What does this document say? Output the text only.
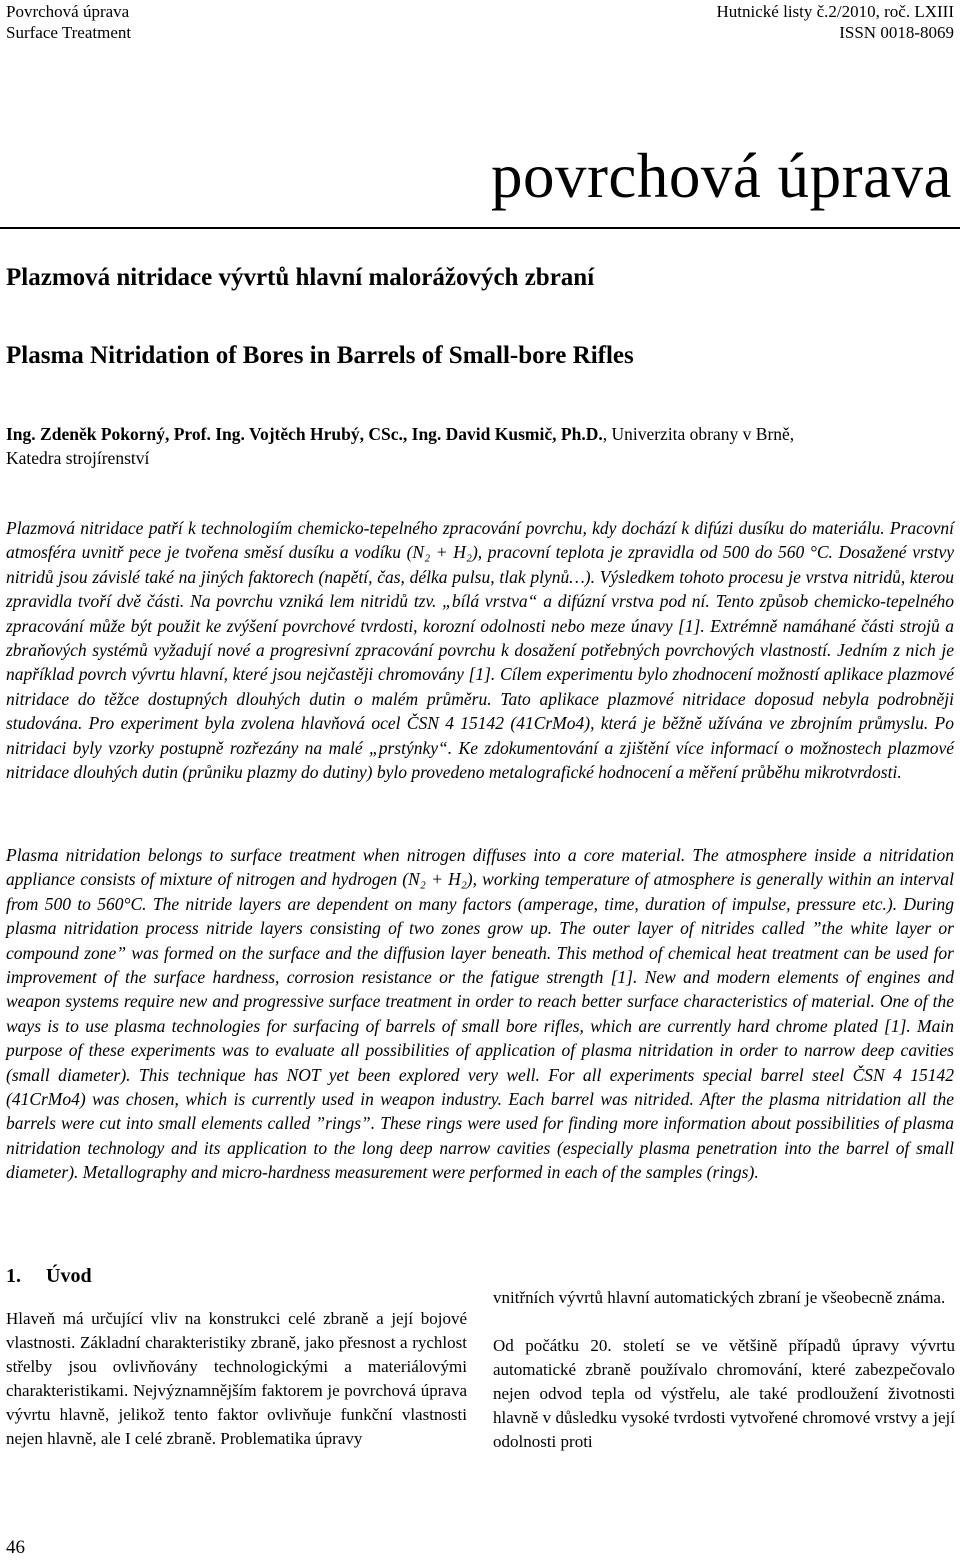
Povrchová úprava
Surface Treatment
Hutnické listy č.2/2010, roč. LXIII
ISSN 0018-8069
povrchová úprava
Plazmová nitridace vývrtů hlavní malorážových zbraní
Plasma Nitridation of Bores in Barrels of Small-bore Rifles
Ing. Zdeněk Pokorný, Prof. Ing. Vojtěch Hrubý, CSc., Ing. David Kusmič, Ph.D., Univerzita obrany v Brně,
Katedra strojírenství

Plazmová nitridace patří k technologiím chemicko-tepelného zpracování povrchu, kdy dochází k difúzi dusíku do materiálu. Pracovní atmosféra uvnitř pece je tvořena směsí dusíku a vodíku (N₂ + H₂), pracovní teplota je zpravidla od 500 do 560 °C. Dosažené vrstvy nitridů jsou závislé také na jiných faktorech (napětí, čas, délka pulsu, tlak plynů…). Výsledkem tohoto procesu je vrstva nitridů, kterou zpravidla tvoří dvě části. Na povrchu vzniká lem nitridů tzv. „bílá vrstva“ a difúzní vrstva pod ní. Tento způsob chemicko-tepelného zpracování může být použit ke zvýšení povrchové tvrdosti, korozní odolnosti nebo meze únavy [1]. Extrémně namáhané části strojů a zbraňových systémů vyžadují nové a progresivní zpracování povrchu k dosažení potřebných povrchových vlastností. Jedním z nich je například povrch vývrtu hlavní, které jsou nejčastěji chromovány [1]. Cílem experimentu bylo zhodnocení možností aplikace plazmové nitridace do těžce dostupných dlouhých dutin o malém průměru. Tato aplikace plazmové nitridace doposud nebyla podrobněji studována. Pro experiment byla zvolena hlavňová ocel ČSN 4 15142 (41CrMo4), která je běžně užívána ve zbrojním průmyslu. Po nitridaci byly vzorky postupně rozřezány na malé „prstýnky“. Ke zdokumentování a zjištění více informací o možnostech plazmové nitridace dlouhých dutin (průniku plazmy do dutiny) bylo provedeno metalografické hodnocení a měření průběhu mikrotvrdosti.

Plasma nitridation belongs to surface treatment when nitrogen diffuses into a core material. The atmosphere inside a nitridation appliance consists of mixture of nitrogen and hydrogen (N₂ + H₂), working temperature of atmosphere is generally within an interval from 500 to 560°C. The nitride layers are dependent on many factors (amperage, time, duration of impulse, pressure etc.). During plasma nitridation process nitride layers consisting of two zones grow up. The outer layer of nitrides called ”the white layer or compound zone” was formed on the surface and the diffusion layer beneath. This method of chemical heat treatment can be used for improvement of the surface hardness, corrosion resistance or the fatigue strength [1]. New and modern elements of engines and weapon systems require new and progressive surface treatment in order to reach better surface characteristics of material. One of the ways is to use plasma technologies for surfacing of barrels of small bore rifles, which are currently hard chrome plated [1]. Main purpose of these experiments was to evaluate all possibilities of application of plasma nitridation in order to narrow deep cavities (small diameter). This technique has NOT yet been explored very well. For all experiments special barrel steel ČSN 4 15142 (41CrMo4) was chosen, which is currently used in weapon industry. Each barrel was nitrided. After the plasma nitridation all the barrels were cut into small elements called ”rings”. These rings were used for finding more information about possibilities of plasma nitridation technology and its application to the long deep narrow cavities (especially plasma penetration into the barrel of small diameter). Metallography and micro-hardness measurement were performed in each of the samples (rings).

1. Úvod

Hlaveň má určující vliv na konstrukci celé zbraně a její bojové vlastnosti. Základní charakteristiky zbraně, jako přesnost a rychlost střelby jsou ovlivňovány technologickými a materiálovými charakteristikami. Nejvýznamnějším faktorem je povrchová úprava vývrtu hlavně, jelikož tento faktor ovlivňuje funkční vlastnosti nejen hlavně, ale I celé zbraně. Problematika úpravy

vnitřních vývrtů hlavní automatických zbraní je všeobecně známa.

Od počátku 20. století se ve většině případů úpravy vývrtu automatické zbraně používalo chromování, které zabezpečovalo nejen odvod tepla od výstřelu, ale také prodloužení životnosti hlavně v důsledku vysoké tvrdosti vytvořené chromové vrstvy a její odolnosti proti

46
